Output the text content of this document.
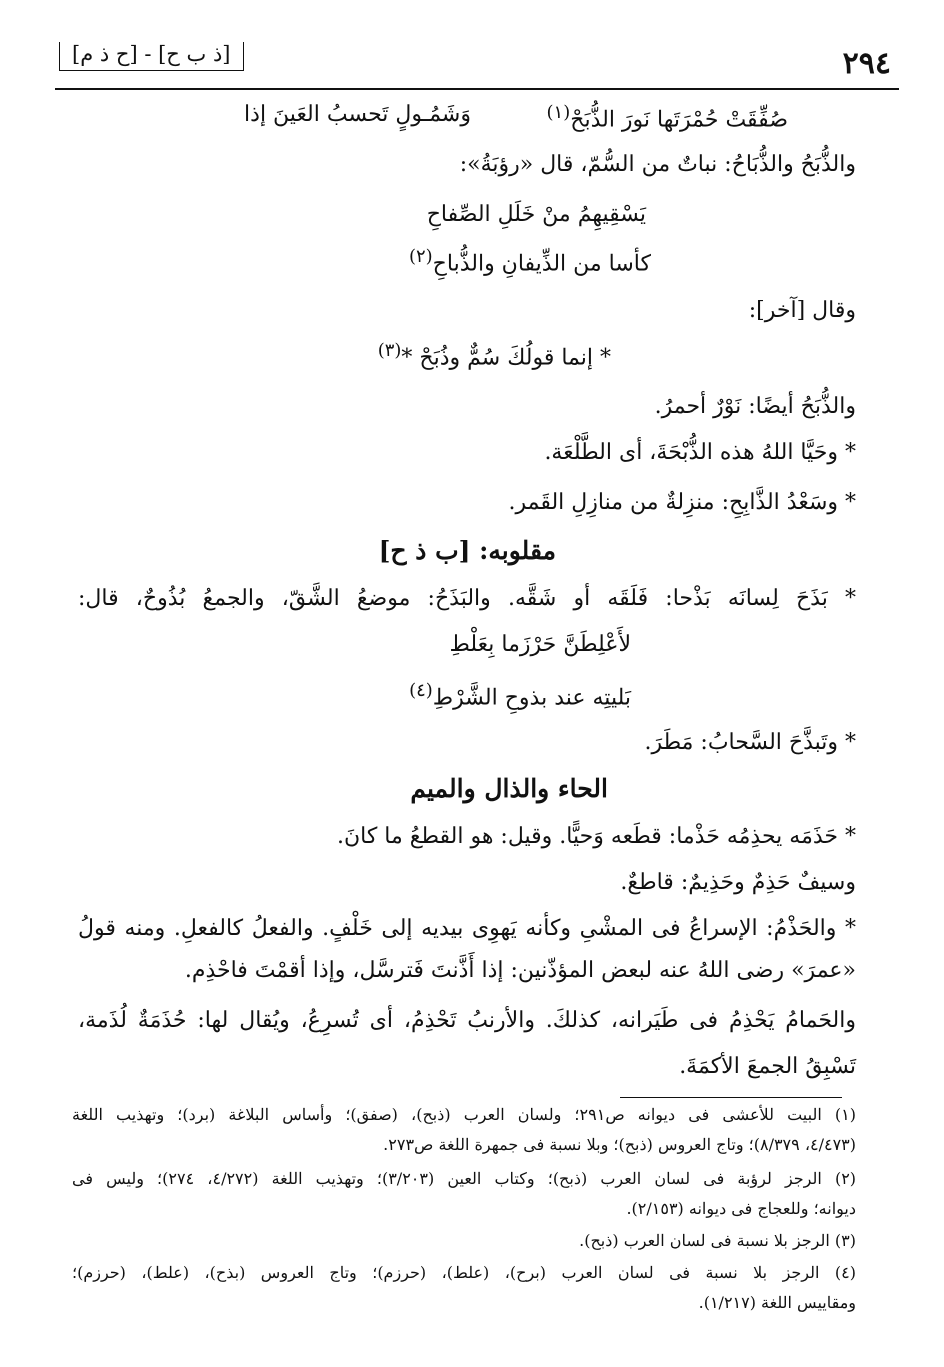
٢٩٤
[ذ ب ح] - [ح ذ م]
وَشَمُـولٍ تَحسبُ العَينَ إذا	صُفِّقَتْ حُمْرَتَها نَورَ الذُّبَحْ$^{(١)}$
والذُّبَحُ والذُّبَاحُ: نباتٌ من السُّمّ، قال «رؤبَةُ»:
يَسْقِيهِمُ منْ خَلَلِ الصِّفاحِ
كأسا من الذِّيفانِ والذُّباحِ$^{(٢)}$
وقال [آخر]:
* إنما قولُكَ سُمٌّ وذُبَحْ *$^{(٣)}$
والذُّبَحُ أيضًا: نَوْرٌ أحمرُ.
* وحَيَّا اللهُ هذه الذُّبْحَةَ، أى الطَّلْعَة.
* وسَعْدُ الذَّابِحِ: منزِلةٌ من منازِلِ القَمر.
مقلوبه: [ب ذ ح]
* بَذَحَ لِسانَه بَذْحا: فَلَقَه أو شَقَّه. والبَذَحُ: موضعُ الشَّقّ، والجمعُ بُذُوحٌ، قال:
لأَعْلِطَنَّ حَرْزَما بِعَلْطِ
بَليتِه عند بذوحِ الشَّرْطِ$^{(٤)}$
* وتَبذَّحَ السَّحابُ: مَطَرَ.
الحاء والذال والميم
* حَذَمَه يحذِمُه حَذْما: قطَعه وَحيًّا. وقيل: هو القطعُ ما كانَ.
وسيفٌ حَذِمٌ وحَذِيمٌ: قاطعٌ.
* والحَذْمُ: الإسراعُ فى المشْىِ وكأنه يَهوِى بيديه إلى خَلْفٍ. والفعلُ كالفعلِ. ومنه قولُ
«عمرَ» رضى اللهُ عنه لبعض المؤذّنين: إذا أَذَّنتَ فَترسَّل، وإذا أقمْتَ فاحْذِم.
والحَمامُ يَحْذِمُ فى طَيَرانه، كذلكَ. والأرنبُ تَحْذِمُ، أى تُسرِعُ، ويُقال لها: حُذَمَةٌ لُذَمة،
تَسْبِقُ الجمعَ الأكمَةَ.
(١) البيت للأعشى فى ديوانه ص٢٩١؛ ولسان العرب (ذبح)، (صفق)؛ وأساس البلاغة (برد)؛ وتهذيب اللغة
(٤/٤٧٣، ٨/٣٧٩)؛ وتاج العروس (ذبح)؛ وبلا نسبة فى جمهرة اللغة ص٢٧٣.
(٢) الرجز لرؤبة فى لسان العرب (ذبح)؛ وكتاب العين (٣/٢٠٣)؛ وتهذيب اللغة (٤/٢٧٢، ٢٧٤)؛ وليس فى
ديوانه؛ وللعجاج فى ديوانه (٢/١٥٣).
(٣) الرجز بلا نسبة فى لسان العرب (ذبح).
(٤) الرجز بلا نسبة فى لسان العرب (برح)، (علط)، (حرزم)؛ وتاج العروس (بذح)، (علط)، (حرزم)؛
ومقاييس اللغة (١/٢١٧).
